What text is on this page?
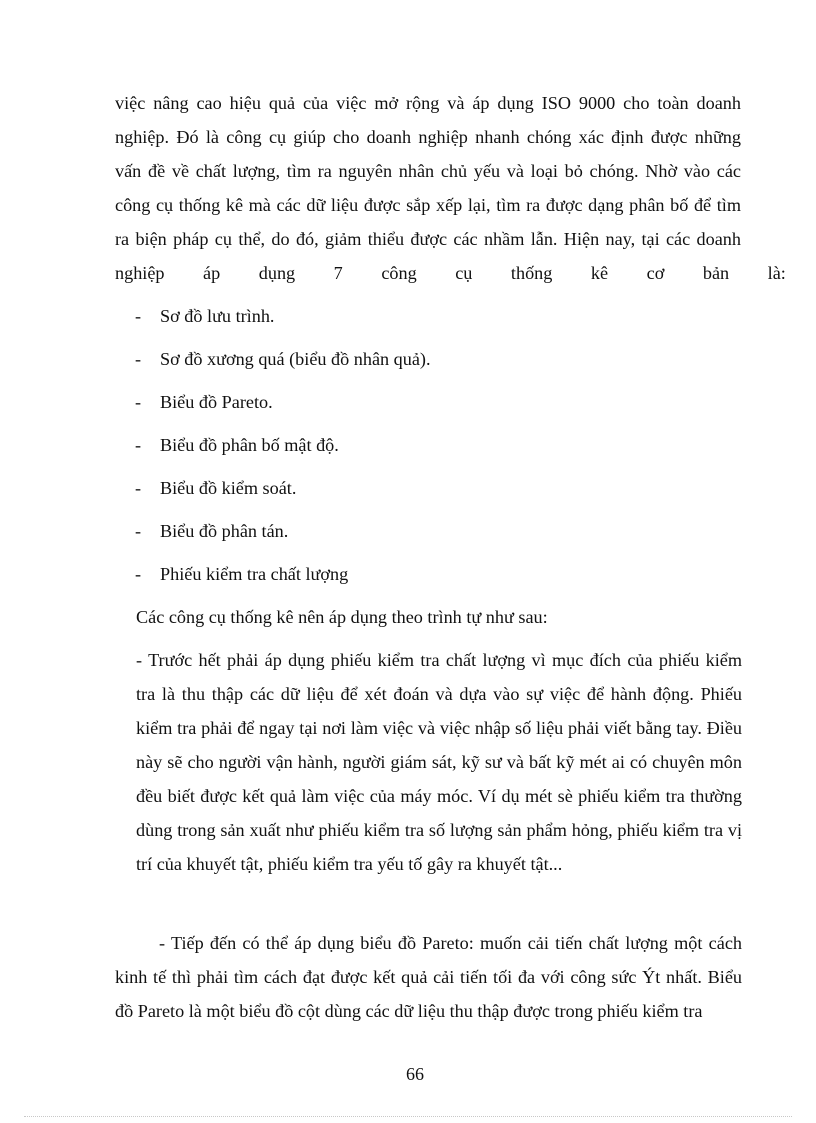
việc nâng cao hiệu quả của việc mở rộng và áp dụng ISO 9000 cho toàn doanh
nghiệp. Đó là công cụ giúp cho doanh nghiệp nhanh chóng xác định được những
vấn đề về chất lượng, tìm ra nguyên nhân chủ yếu và loại bỏ chóng. Nhờ vào các
công cụ thống kê mà các dữ liệu được sắp xếp lại, tìm ra được dạng phân bố để tìm
ra biện pháp cụ thể, do đó, giảm thiểu được các nhầm lẫn. Hiện nay, tại các doanh
nghiệp áp dụng 7 công cụ thống kê cơ bản là:
- Sơ đồ lưu trình.
- Sơ đồ xương quá (biểu đồ nhân quả).
- Biểu đồ Pareto.
- Biểu đồ phân bố mật độ.
- Biểu đồ kiểm soát.
- Biểu đồ phân tán.
- Phiếu kiểm tra chất lượng
Các công cụ thống kê nên áp dụng theo trình tự như sau:
- Trước hết phải áp dụng phiếu kiểm tra chất lượng vì mục đích của phiếu kiểm

tra là thu thập các dữ liệu để xét đoán và dựa vào sự việc để hành động. Phiếu kiểm tra phải để ngay tại nơi làm việc và việc nhập số liệu phải viết bằng tay. Điều này sẽ cho người vận hành, người giám sát, kỹ sư và bất kỹ mét ai có chuyên môn đều biết được kết quả làm việc của máy móc. Ví dụ mét sè phiếu kiểm tra thường dùng trong sản xuất như phiếu kiểm tra số lượng sản phẩm hỏng, phiếu kiểm tra vị trí của khuyết tật, phiếu kiểm tra yếu tố gây ra khuyết tật...

- Tiếp đến có thể áp dụng biểu đồ Pareto: muốn cải tiến chất lượng một cách
kinh tế thì phải tìm cách đạt được kết quả cải tiến tối đa với công sức Ýt nhất. Biểu
đồ Pareto là một biểu đồ cột dùng các dữ liệu thu thập được trong phiếu kiểm tra
66
